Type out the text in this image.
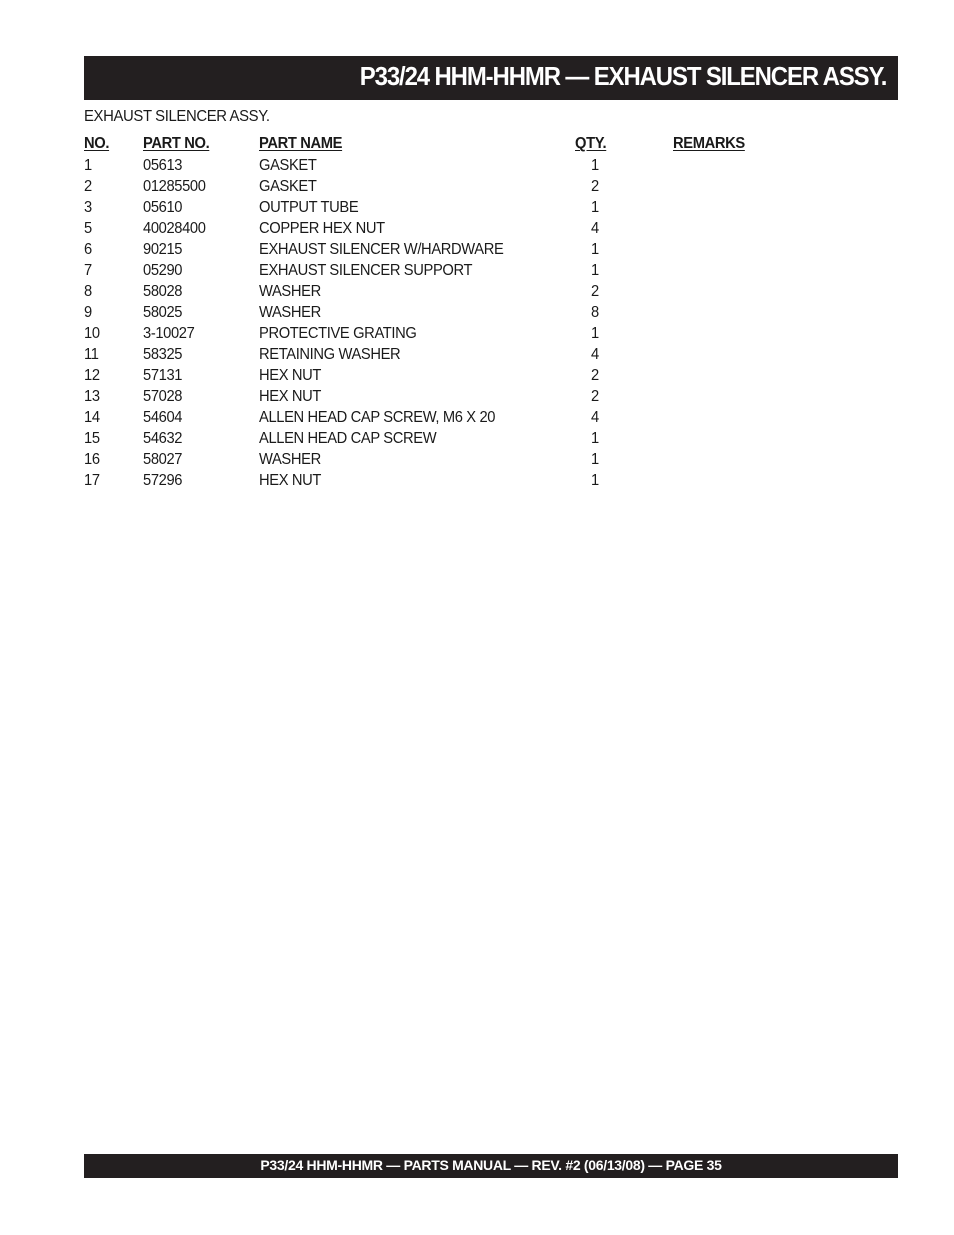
P33/24 HHM-HHMR — EXHAUST SILENCER ASSY.
EXHAUST SILENCER ASSY.
NO. PART NO.	PART NAME	QTY.	REMARKS
1	05613	GASKET	1
2	01285500	GASKET	2
3	05610	OUTPUT TUBE	1
5	40028400	COPPER HEX NUT	4
6	90215	EXHAUST SILENCER W/HARDWARE	1
7	05290	EXHAUST SILENCER SUPPORT	1
8	58028	WASHER	2
9	58025	WASHER	8
10	3-10027	PROTECTIVE GRATING	1
11	58325	RETAINING WASHER	4
12	57131	HEX NUT	2
13	57028	HEX NUT	2
14	54604	ALLEN HEAD CAP SCREW, M6 X 20	4
15	54632	ALLEN HEAD CAP SCREW	1
16	58027	WASHER	1
17	57296	HEX NUT	1
P33/24 HHM-HHMR — PARTS MANUAL — REV. #2 (06/13/08) — PAGE 35
